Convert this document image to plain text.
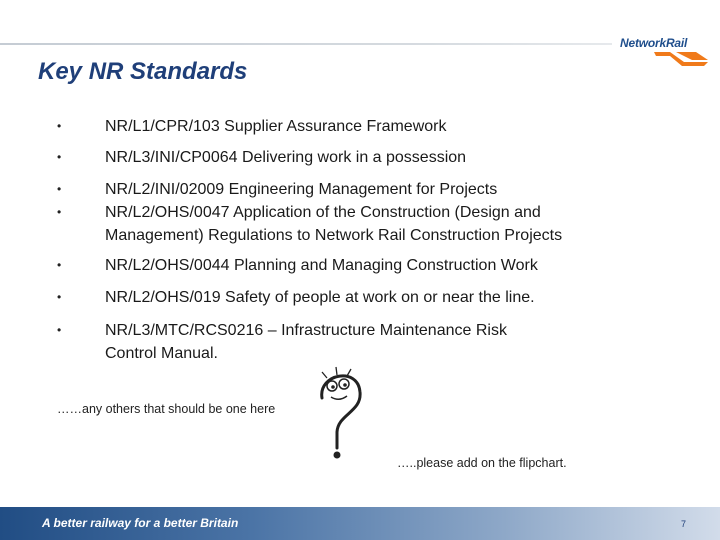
NetworkRail
Key NR Standards
•	NR/L1/CPR/103 Supplier Assurance Framework
•	NR/L3/INI/CP0064 Delivering work in a possession
•	NR/L2/INI/02009 Engineering Management for Projects
•	NR/L2/OHS/0047 Application of the Construction (Design and
Management) Regulations to Network Rail Construction Projects
•	NR/L2/OHS/0044 Planning and Managing Construction Work
•	NR/L2/OHS/019 Safety of people at work on or near the line.
•	NR/L3/MTC/RCS0216 – Infrastructure Maintenance Risk
Control Manual.
……any others that should be one here
…..please add on the flipchart.
A better railway for a better Britain	7
